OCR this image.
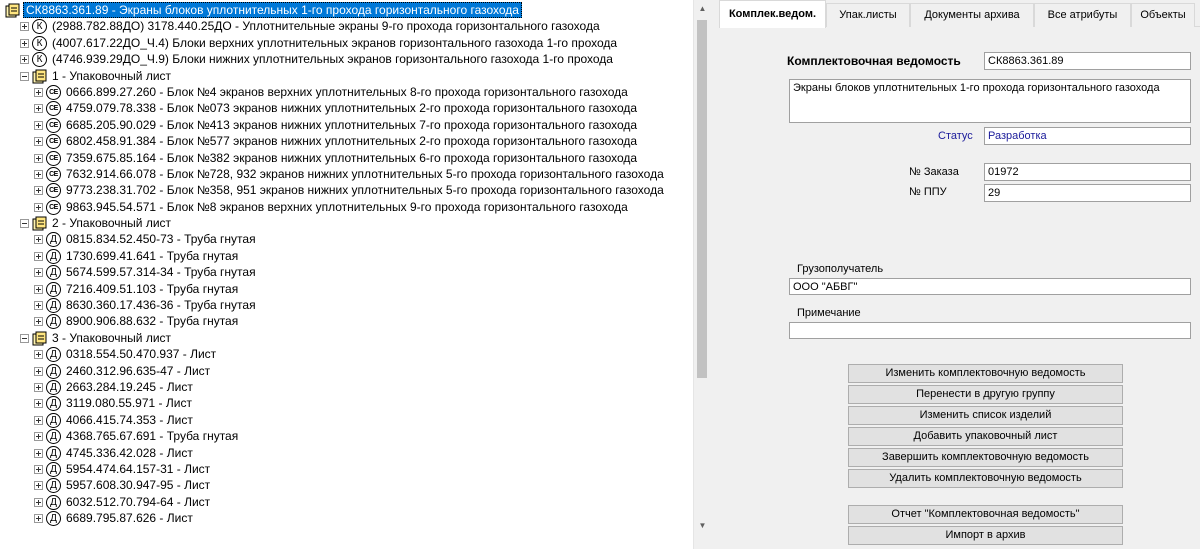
СК8863.361.89 - Экраны блоков уплотнительных 1-го прохода горизонтального газохода
К (2988.782.88ДО) 3178.440.25ДО - Уплотнительные экраны 9-го прохода горизонтального газохода
К (4007.617.22ДО_Ч.4) Блоки верхних уплотнительных экранов горизонтального газохода 1-го прохода
К (4746.939.29ДО_Ч.9) Блоки нижних уплотнительных экранов горизонтального газохода 1-го прохода
1 - Упаковочный лист
CE 0666.899.27.260 - Блок №4 экранов верхних уплотнительных 8-го прохода горизонтального газохода
CE 4759.079.78.338 - Блок №073 экранов нижних уплотнительных 2-го прохода горизонтального газохода
CE 6685.205.90.029 - Блок №413 экранов нижних уплотнительных 7-го прохода горизонтального газохода
CE 6802.458.91.384 - Блок №577 экранов нижних уплотнительных 2-го прохода горизонтального газохода
CE 7359.675.85.164 - Блок №382 экранов нижних уплотнительных 6-го прохода горизонтального газохода
CE 7632.914.66.078 - Блок №728, 932 экранов нижних уплотнительных 5-го прохода горизонтального газохода
CE 9773.238.31.702 - Блок №358, 951 экранов нижних уплотнительных 5-го прохода горизонтального газохода
CE 9863.945.54.571 - Блок №8 экранов верхних уплотнительных 9-го прохода горизонтального газохода
2 - Упаковочный лист
Д 0815.834.52.450-73 - Труба гнутая
Д 1730.699.41.641 - Труба гнутая
Д 5674.599.57.314-34 - Труба гнутая
Д 7216.409.51.103 - Труба гнутая
Д 8630.360.17.436-36 - Труба гнутая
Д 8900.906.88.632 - Труба гнутая
3 - Упаковочный лист
Д 0318.554.50.470.937 - Лист
Д 2460.312.96.635-47 - Лист
Д 2663.284.19.245 - Лист
Д 3119.080.55.971 - Лист
Д 4066.415.74.353 - Лист
Д 4368.765.67.691 - Труба гнутая
Д 4745.336.42.028 - Лист
Д 5954.474.64.157-31 - Лист
Д 5957.608.30.947-95 - Лист
Д 6032.512.70.794-64 - Лист
Д 6689.795.87.626 - Лист
▲
▼
Комплек.ведом.	Упак.листы	Документы архива	Все атрибуты	Объекты
Комплектовочная ведомость	СК8863.361.89
Экраны блоков уплотнительных 1-го прохода горизонтального газохода
Статус	Разработка
№ Заказа	01972
№ ППУ	29
Грузополучатель
ООО "АБВГ"
Примечание
Изменить комплектовочную ведомость
Перенести в другую группу
Изменить список изделий
Добавить упаковочный лист
Завершить комплектовочную ведомость
Удалить комплектовочную ведомость
Отчет "Комплектовочная ведомость"
Импорт в архив
